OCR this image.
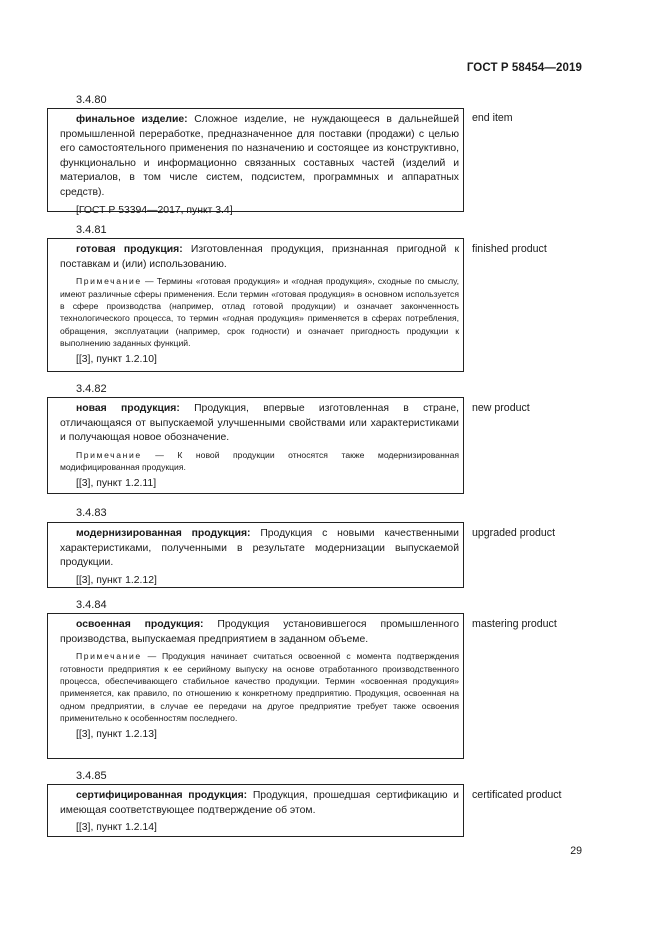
ГОСТ Р 58454—2019
3.4.80

финальное изделие: Сложное изделие, не нуждающееся в дальнейшей промышленной переработке, предназначенное для поставки (продажи) с целью его самостоятельного применения по назначению и состоящее из конструктивно, функционально и информационно связанных составных частей (изделий и материалов, в том числе систем, подсистем, программных и аппаратных средств).

[ГОСТ Р 53394—2017, пункт 3.4]

end item
3.4.81

готовая продукция: Изготовленная продукция, признанная пригодной к поставкам и (или) использованию.

Примечание — Термины «готовая продукция» и «годная продукция», сходные по смыслу, имеют различные сферы применения. Если термин «готовая продукция» в основном используется в сфере производства (например, отлад готовой продукции) и означает законченность технологического процесса, то термин «годная продукция» применяется в сферах потребления, обращения, эксплуатации (например, срок годности) и означает пригодность продукции к выполнению заданных функций.

[[3], пункт 1.2.10]

finished product
3.4.82

новая продукция: Продукция, впервые изготовленная в стране, отличающаяся от выпускаемой улучшенными свойствами или характеристиками и получающая новое обозначение.

Примечание — К новой продукции относятся также модернизированная модифицированная продукция.

[[3], пункт 1.2.11]

new product
3.4.83

модернизированная продукция: Продукция с новыми качественными характеристиками, полученными в результате модернизации выпускаемой продукции.

[[3], пункт 1.2.12]

upgraded product
3.4.84

освоенная продукция: Продукция установившегося промышленного производства, выпускаемая предприятием в заданном объеме.

Примечание — Продукция начинает считаться освоенной с момента подтверждения готовности предприятия к ее серийному выпуску на основе отработанного производственного процесса, обеспечивающего стабильное качество продукции. Термин «освоенная продукция» применяется, как правило, по отношению к конкретному предприятию. Продукция, освоенная на одном предприятии, в случае ее передачи на другое предприятие требует также освоения применительно к особенностям последнего.

[[3], пункт 1.2.13]

mastering product
3.4.85

сертифицированная продукция: Продукция, прошедшая сертификацию и имеющая соответствующее подтверждение об этом.

[[3], пункт 1.2.14]

certificated product
29
